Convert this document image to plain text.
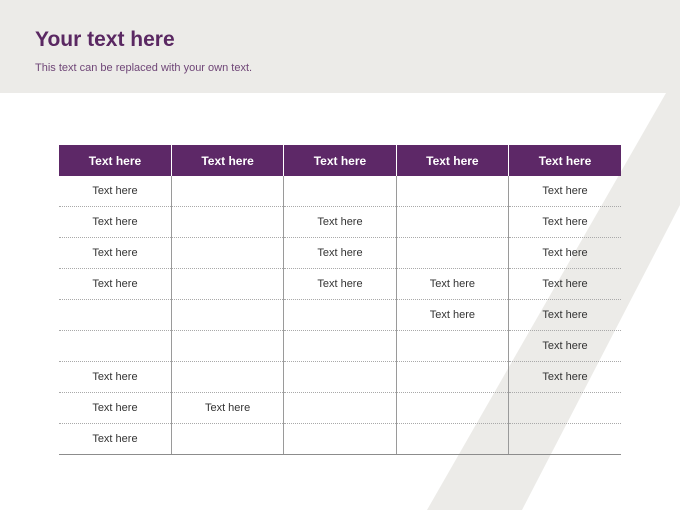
Your text here

This text can be replaced with your own text.

Text here	Text here	Text here	Text here	Text here
Text here				Text here
Text here		Text here		Text here
Text here		Text here		Text here
Text here		Text here	Text here	Text here
			Text here	Text here
				Text here
Text here				Text here
Text here	Text here			
Text here				
